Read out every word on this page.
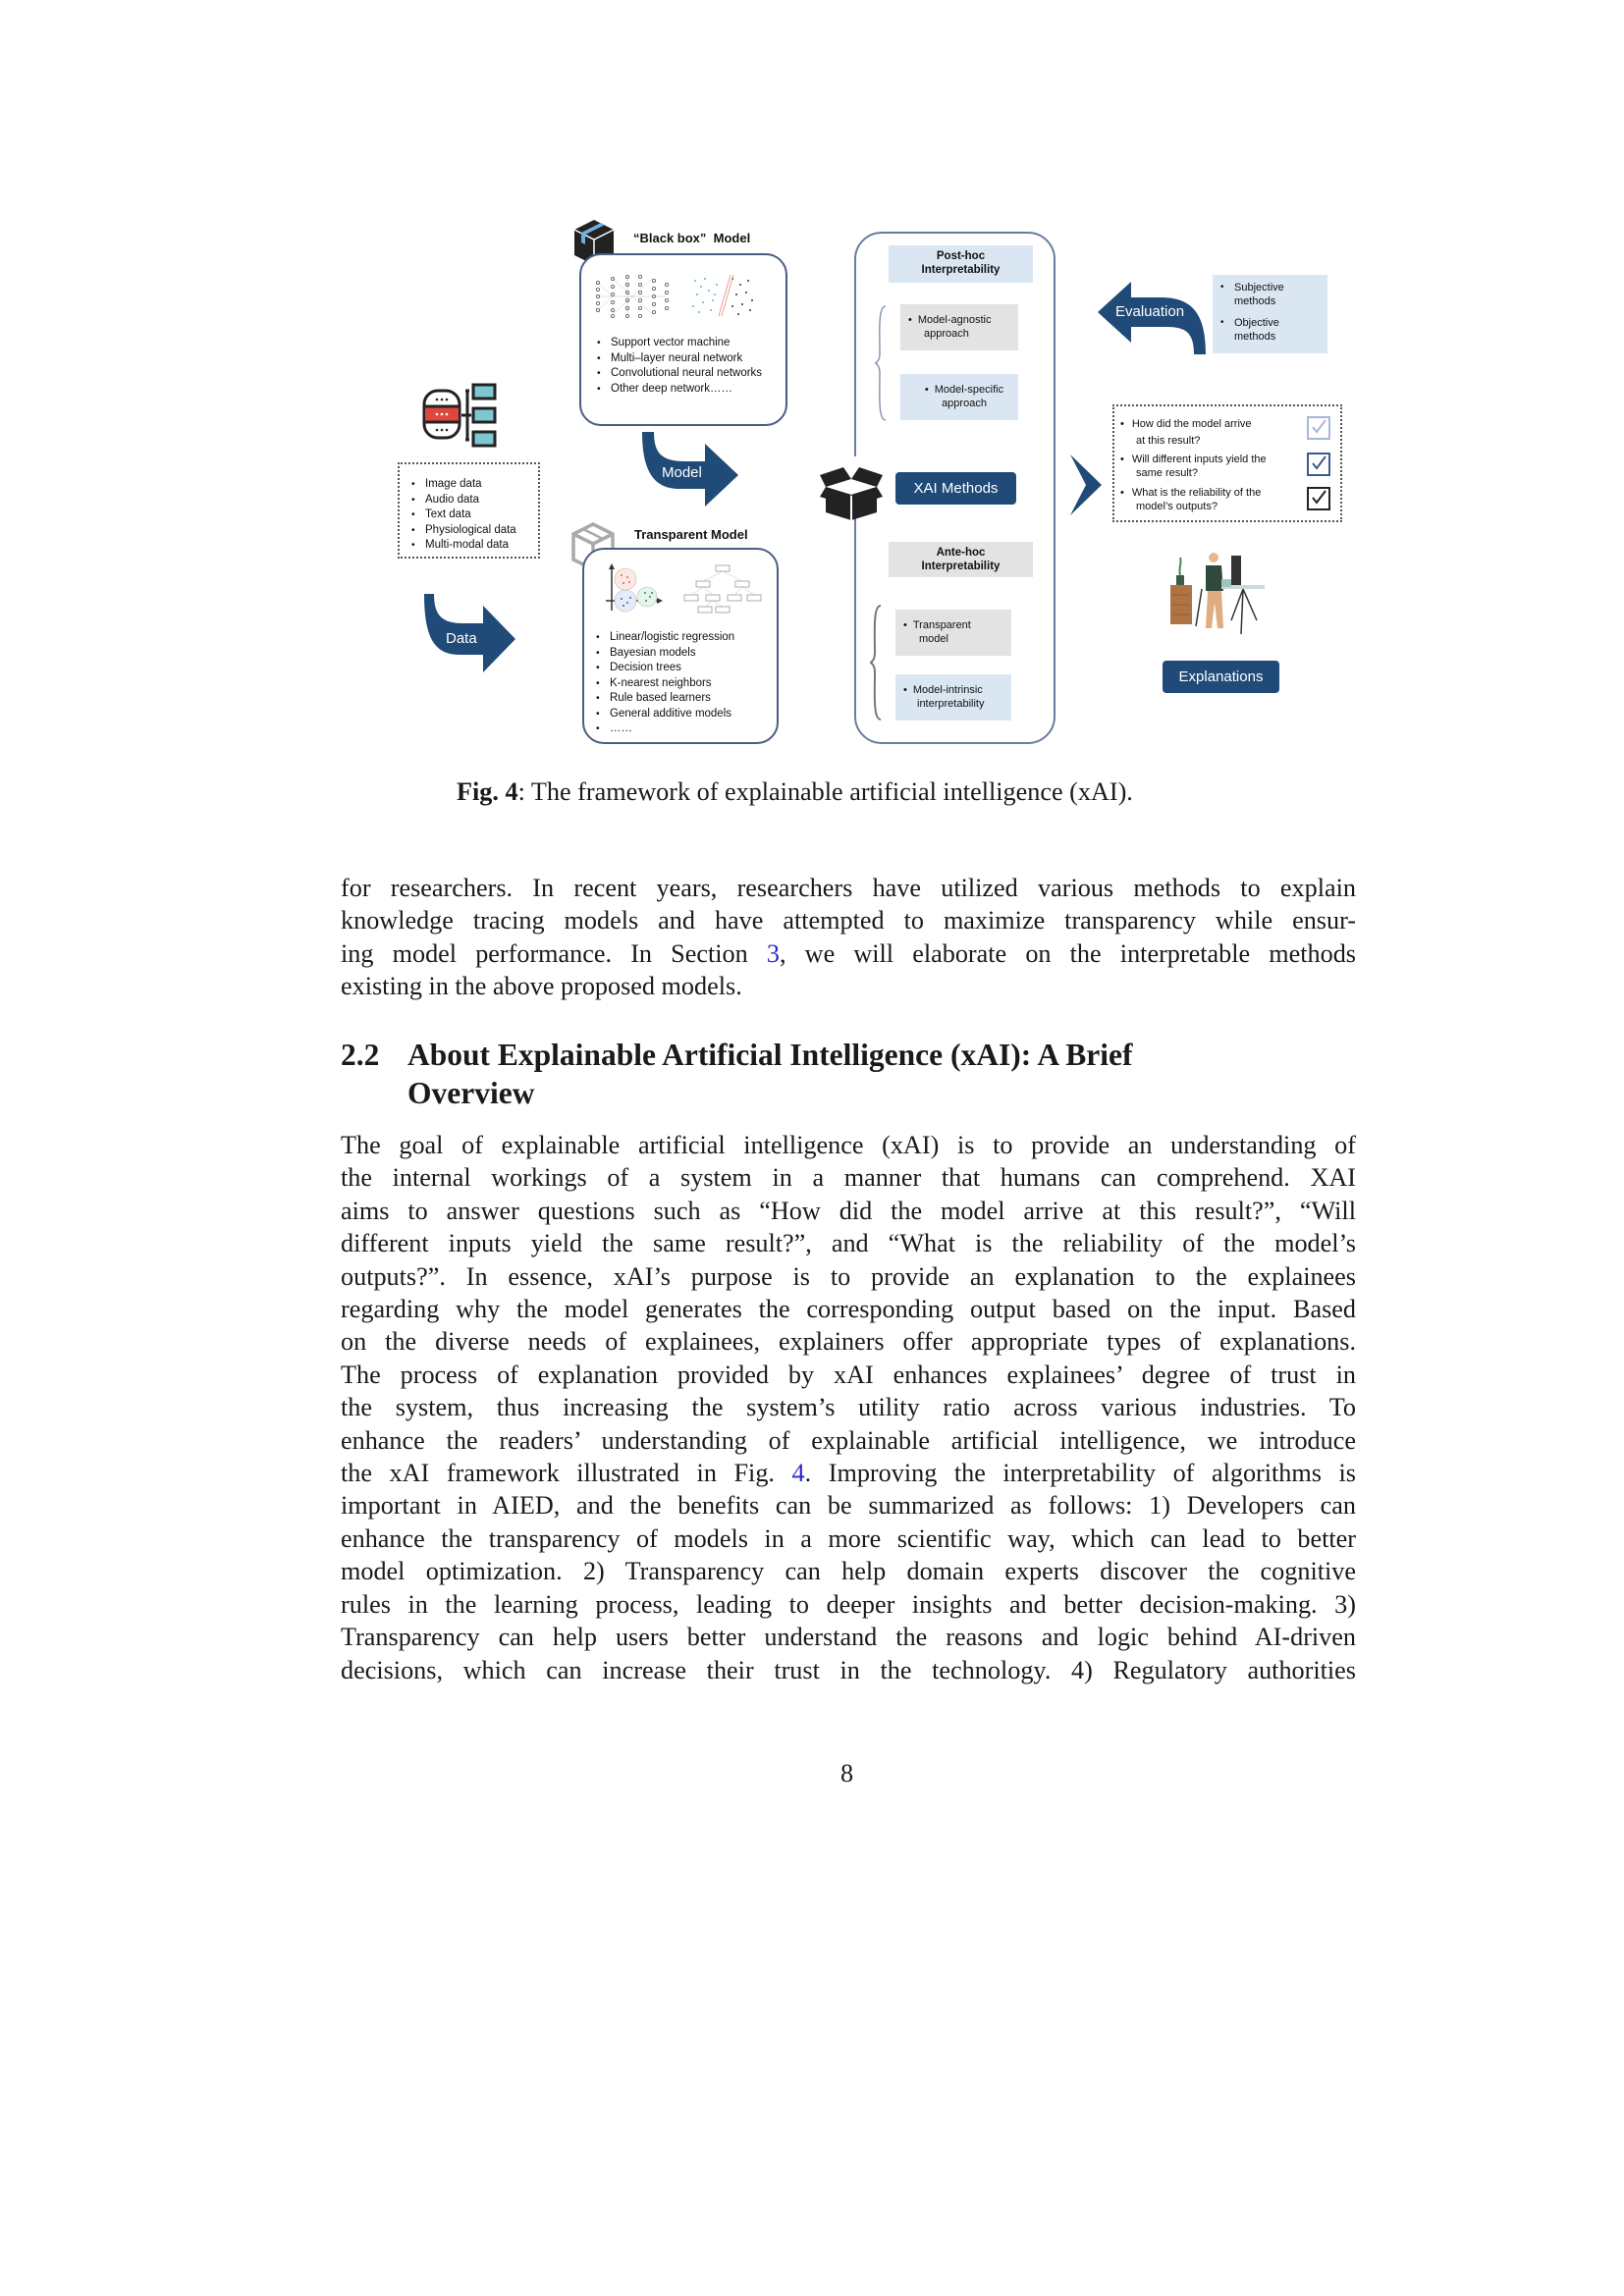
“Black box”  Model
• Support vector machine
• Multi–layer neural network
• Convolutional neural networks
• Other deep network……
• Image data
• Audio data
• Text data
• Physiological data
• Multi-modal data
Model
Transparent Model
• Linear/logistic regression
• Bayesian models
• Decision trees
• K-nearest neighbors
• Rule based learners
• General additive models
• ……
Data
Post-hoc
Interpretability
• Model-agnostic
approach
• Model-specific
approach
XAI Methods
Ante-hoc
Interpretability
• Transparent
model
• Model-intrinsic
interpretability
Evaluation
• Subjective methods
• Objective methods
• How did the model arrive
at this result?
• Will different inputs yield the
same result?
• What is the reliability of the
model’s outputs?
Explanations
Fig. 4: The framework of explainable artificial intelligence (xAI).
for researchers. In recent years, researchers have utilized various methods to explain
knowledge tracing models and have attempted to maximize transparency while ensur-
ing model performance. In Section 3, we will elaborate on the interpretable methods
existing in the above proposed models.
2.2 About Explainable Artificial Intelligence (xAI): A Brief
Overview
The goal of explainable artificial intelligence (xAI) is to provide an understanding of
the internal workings of a system in a manner that humans can comprehend. XAI
aims to answer questions such as “How did the model arrive at this result?”, “Will
different inputs yield the same result?”, and “What is the reliability of the model’s
outputs?”. In essence, xAI’s purpose is to provide an explanation to the explainees
regarding why the model generates the corresponding output based on the input. Based
on the diverse needs of explainees, explainers offer appropriate types of explanations.
The process of explanation provided by xAI enhances explainees’ degree of trust in
the system, thus increasing the system’s utility ratio across various industries. To
enhance the readers’ understanding of explainable artificial intelligence, we introduce
the xAI framework illustrated in Fig. 4. Improving the interpretability of algorithms is
important in AIED, and the benefits can be summarized as follows: 1) Developers can
enhance the transparency of models in a more scientific way, which can lead to better
model optimization. 2) Transparency can help domain experts discover the cognitive
rules in the learning process, leading to deeper insights and better decision-making. 3)
Transparency can help users better understand the reasons and logic behind AI-driven
decisions, which can increase their trust in the technology. 4) Regulatory authorities
8
